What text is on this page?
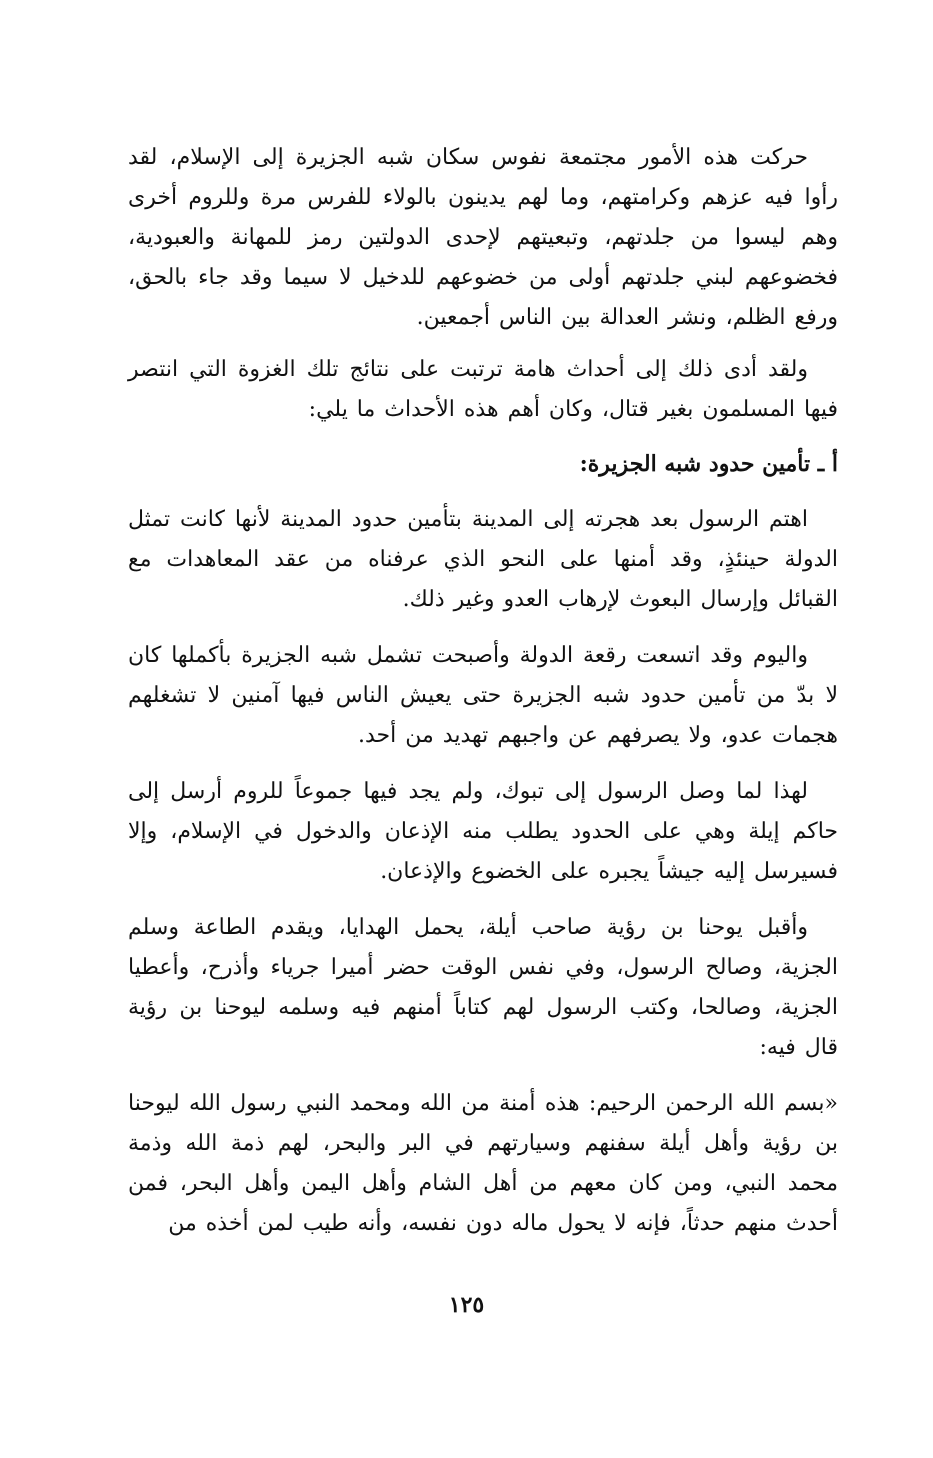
حركت هذه الأمور مجتمعة نفوس سكان شبه الجزيرة إلى الإسلام، لقد رأوا فيه عزهم وكرامتهم، وما لهم يدينون بالولاء للفرس مرة وللروم أخرى وهم ليسوا من جلدتهم، وتبعيتهم لإحدى الدولتين رمز للمهانة والعبودية، فخضوعهم لبني جلدتهم أولى من خضوعهم للدخيل لا سيما وقد جاء بالحق، ورفع الظلم، ونشر العدالة بين الناس أجمعين.

ولقد أدى ذلك إلى أحداث هامة ترتبت على نتائج تلك الغزوة التي انتصر فيها المسلمون بغير قتال، وكان أهم هذه الأحداث ما يلي:

أ ـ تأمين حدود شبه الجزيرة:

اهتم الرسول بعد هجرته إلى المدينة بتأمين حدود المدينة لأنها كانت تمثل الدولة حينئذٍ، وقد أمنها على النحو الذي عرفناه من عقد المعاهدات مع القبائل وإرسال البعوث لإرهاب العدو وغير ذلك.

واليوم وقد اتسعت رقعة الدولة وأصبحت تشمل شبه الجزيرة بأكملها كان لا بدّ من تأمين حدود شبه الجزيرة حتى يعيش الناس فيها آمنين لا تشغلهم هجمات عدو، ولا يصرفهم عن واجبهم تهديد من أحد.

لهذا لما وصل الرسول إلى تبوك، ولم يجد فيها جموعاً للروم أرسل إلى حاكم إيلة وهي على الحدود يطلب منه الإذعان والدخول في الإسلام، وإلا فسيرسل إليه جيشاً يجبره على الخضوع والإذعان.

وأقبل يوحنا بن رؤية صاحب أيلة، يحمل الهدايا، ويقدم الطاعة وسلم الجزية، وصالح الرسول، وفي نفس الوقت حضر أميرا جرياء وأذرح، وأعطيا الجزية، وصالحا، وكتب الرسول لهم كتاباً أمنهم فيه وسلمه ليوحنا بن رؤية قال فيه:

«بسم الله الرحمن الرحيم: هذه أمنة من الله ومحمد النبي رسول الله ليوحنا بن رؤية وأهل أيلة سفنهم وسيارتهم في البر والبحر، لهم ذمة الله وذمة محمد النبي، ومن كان معهم من أهل الشام وأهل اليمن وأهل البحر، فمن أحدث منهم حدثاً، فإنه لا يحول ماله دون نفسه، وأنه طيب لمن أخذه من

١٢٥
